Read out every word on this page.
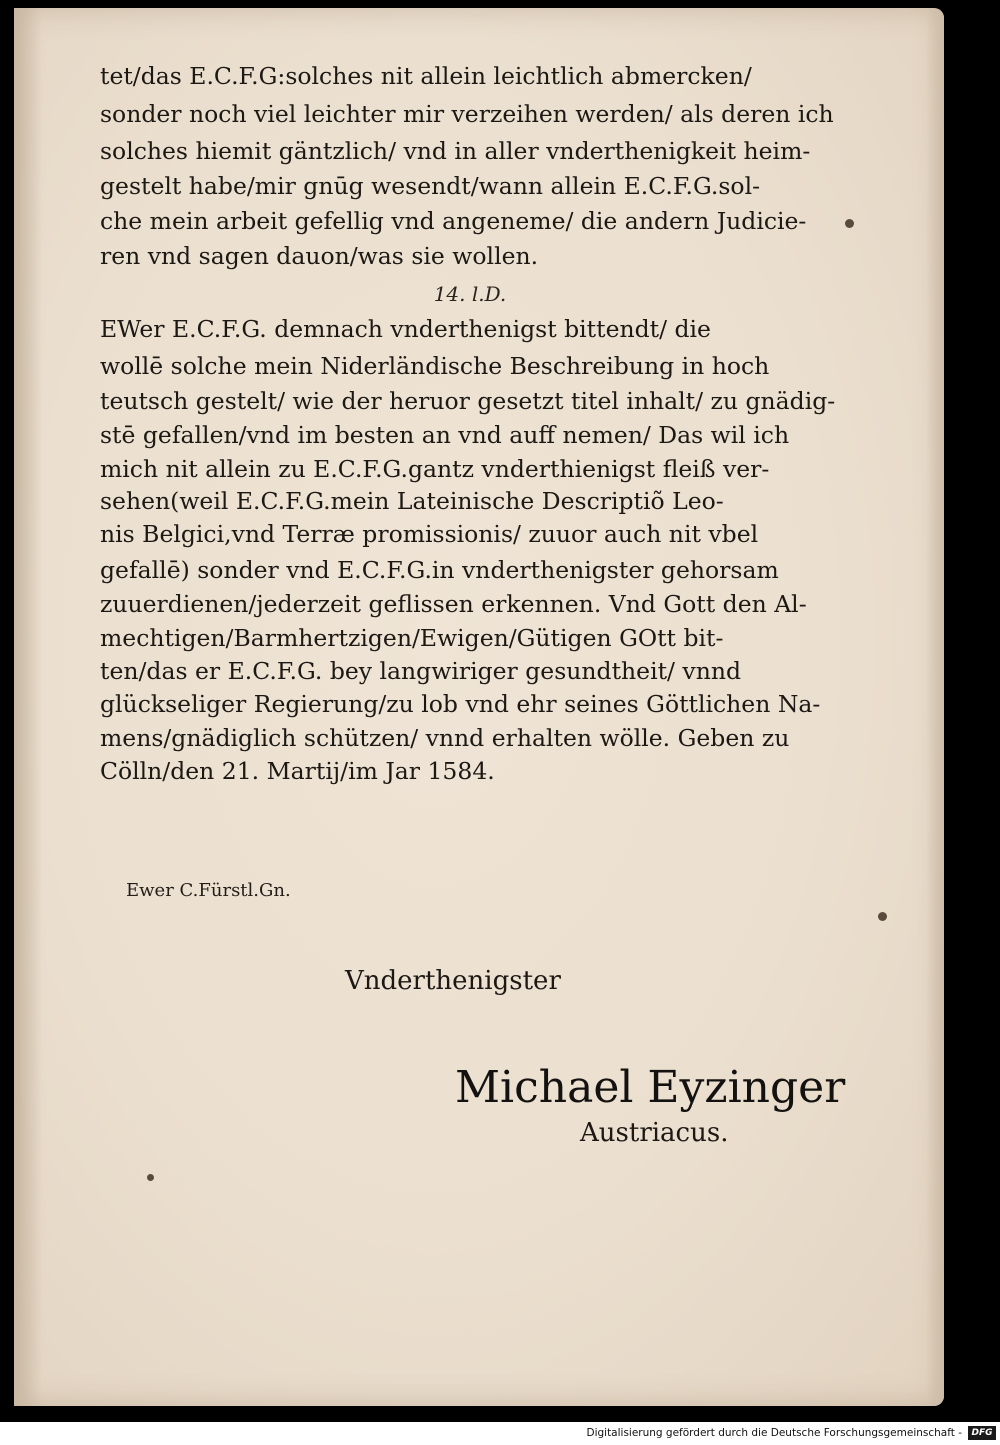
tet/das E.C.F.G:solches nit allein leichtlich abmercken/

sonder noch viel leichter mir verzeihen werden/ als deren ich

solches hiemit gäntzlich/ vnd in aller vnderthenigkeit heim-

gestelt habe/mir gnūg wesendt/wann allein E.C.F.G.sol-

che mein arbeit gefellig vnd angeneme/ die andern Judicie-

ren vnd sagen dauon/was sie wollen.

14. l.D.

EWer E.C.F.G. demnach vnderthenigst bittendt/ die

wollē solche mein Niderländische Beschreibung in hoch

teutsch gestelt/ wie der heruor gesetzt titel inhalt/ zu gnädig-

stē gefallen/vnd im besten an vnd auff nemen/ Das wil ich

mich nit allein zu E.C.F.G.gantz vnderthienigst fleiß ver-

sehen(weil E.C.F.G.mein Lateinische Descriptiõ Leo-

nis Belgici,vnd Terræ promissionis/ zuuor auch nit vbel

gefallē) sonder vnd E.C.F.G.in vnderthenigster gehorsam

zuuerdienen/jederzeit geflissen erkennen. Vnd Gott den Al-

mechtigen/Barmhertzigen/Ewigen/Gütigen GOtt bit-

ten/das er E.C.F.G. bey langwiriger gesundtheit/ vnnd

glückseliger Regierung/zu lob vnd ehr seines Göttlichen Na-

mens/gnädiglich schützen/ vnnd erhalten wölle. Geben zu

Cölln/den 21. Martij/im Jar 1584.

Ewer C.Fürstl.Gn.

Vnderthenigster

Michael Eyzinger

Austriacus.

Digitalisierung gefördert durch die Deutsche Forschungsgemeinschaft -	DFG
